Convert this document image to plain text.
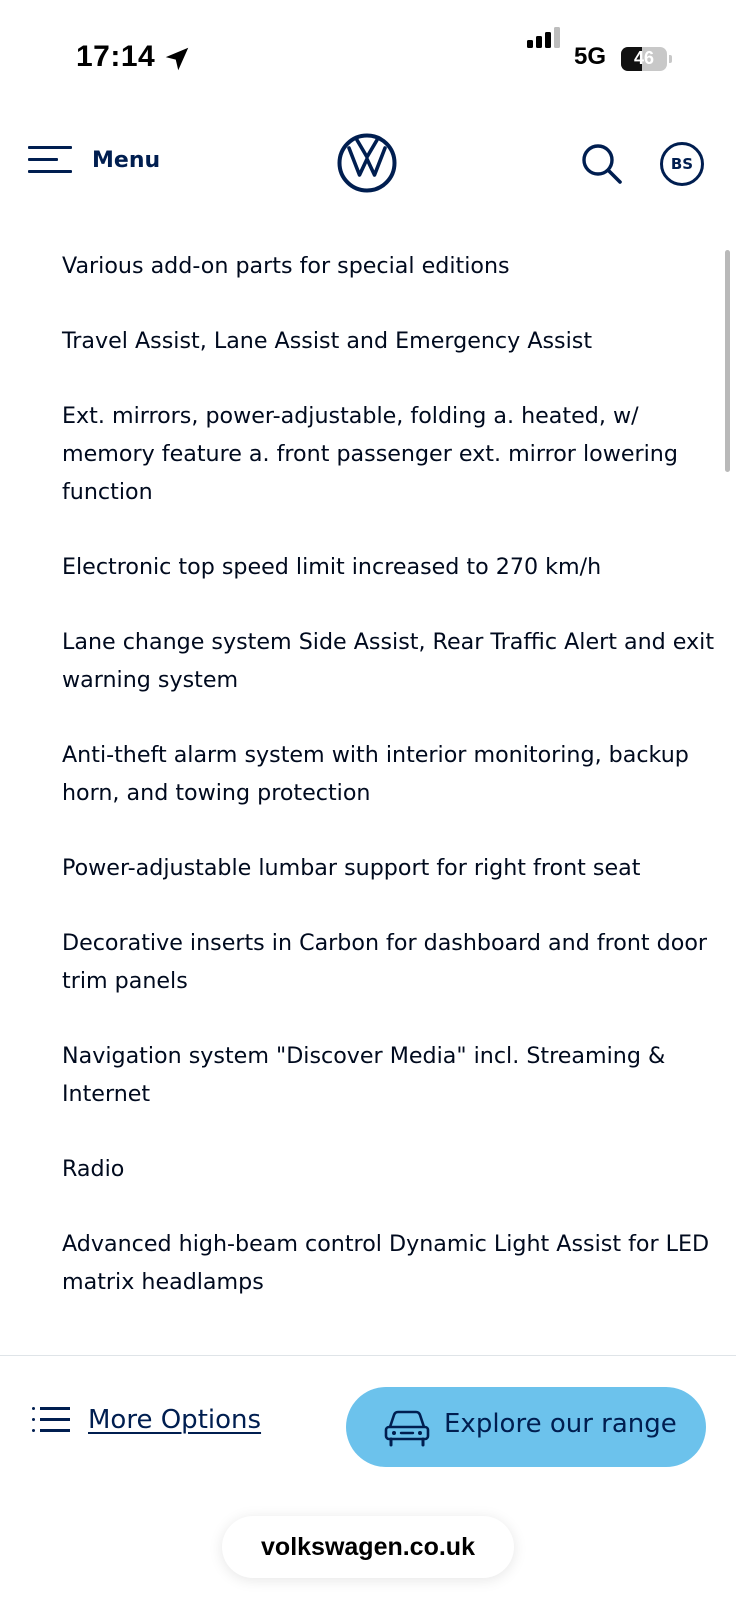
17:14	5G	46
Menu	BS
Various add-on parts for special editions
Travel Assist, Lane Assist and Emergency Assist
Ext. mirrors, power-adjustable, folding a. heated, w/ memory feature a. front passenger ext. mirror lowering function
Electronic top speed limit increased to 270 km/h
Lane change system Side Assist, Rear Traffic Alert and exit warning system
Anti-theft alarm system with interior monitoring, backup horn, and towing protection
Power-adjustable lumbar support for right front seat
Decorative inserts in Carbon for dashboard and front door trim panels
Navigation system "Discover Media" incl. Streaming & Internet
Radio
Advanced high-beam control Dynamic Light Assist for LED matrix headlamps
More Options	Explore our range
volkswagen.co.uk
